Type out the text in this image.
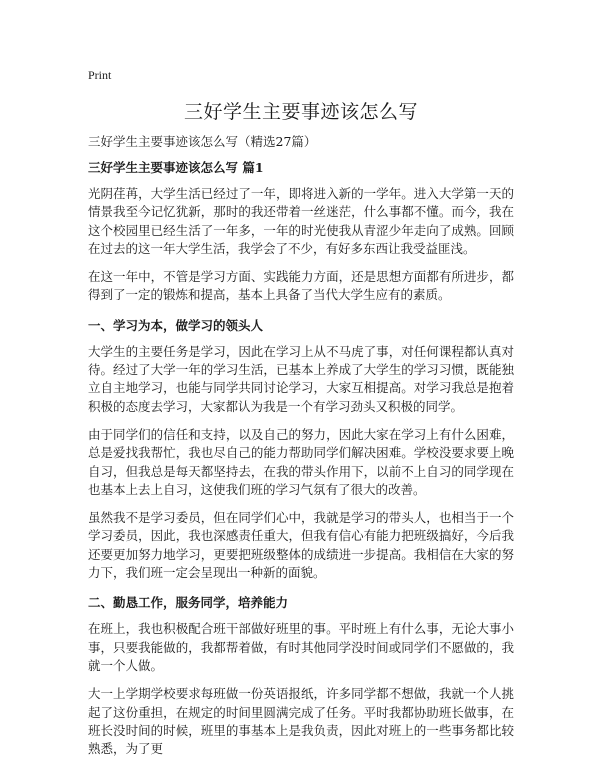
Print
三好学生主要事迹该怎么写
三好学生主要事迹该怎么写（精选27篇）
三好学生主要事迹该怎么写 篇1

光阴荏苒，大学生活已经过了一年，即将进入新的一学年。进入大学第一天的情景我至今记忆犹新，那时的我还带着一丝迷茫，什么事都不懂。而今，我在这个校园里已经生活了一年多，一年的时光使我从青涩少年走向了成熟。回顾在过去的这一年大学生活，我学会了不少，有好多东西让我受益匪浅。

在这一年中，不管是学习方面、实践能力方面，还是思想方面都有所进步，都得到了一定的锻炼和提高，基本上具备了当代大学生应有的素质。

一、学习为本，做学习的领头人

大学生的主要任务是学习，因此在学习上从不马虎了事，对任何课程都认真对待。经过了大学一年的学习生活，已基本上养成了大学生的学习习惯，既能独立自主地学习，也能与同学共同讨论学习，大家互相提高。对学习我总是抱着积极的态度去学习，大家都认为我是一个有学习劲头又积极的同学。

由于同学们的信任和支持，以及自己的努力，因此大家在学习上有什么困难，总是爱找我帮忙，我也尽自己的能力帮助同学们解决困难。学校没要求要上晚自习，但我总是每天都坚持去，在我的带头作用下，以前不上自习的同学现在也基本上去上自习，这使我们班的学习气氛有了很大的改善。

虽然我不是学习委员，但在同学们心中，我就是学习的带头人，也相当于一个学习委员，因此，我也深感责任重大，但我有信心有能力把班级搞好，今后我还要更加努力地学习，更要把班级整体的成绩进一步提高。我相信在大家的努力下，我们班一定会呈现出一种新的面貌。

二、勤恳工作，服务同学，培养能力

在班上，我也积极配合班干部做好班里的事。平时班上有什么事，无论大事小事，只要我能做的，我都帮着做，有时其他同学没时间或同学们不愿做的，我就一个人做。

大一上学期学校要求每班做一份英语报纸，许多同学都不想做，我就一个人挑起了这份重担，在规定的时间里圆满完成了任务。平时我都协助班长做事，在班长没时间的时候，班里的事基本上是我负责，因此对班上的一些事务都比较熟悉，为了更
